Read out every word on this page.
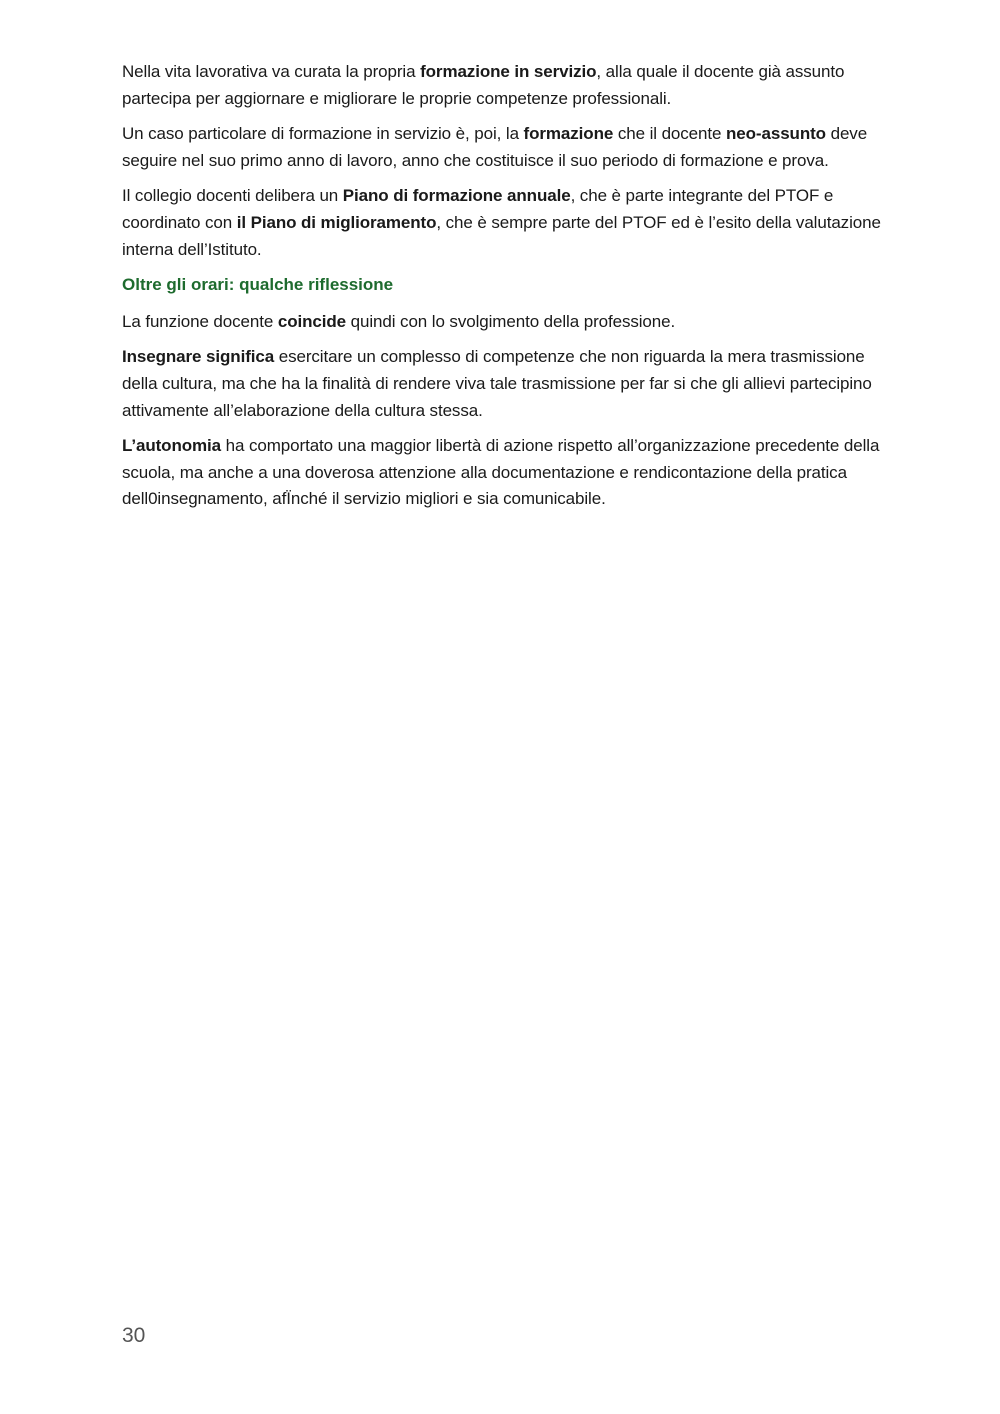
Nella vita lavorativa va curata la propria formazione in servizio, alla quale il docente già assunto partecipa per aggiornare e migliorare le proprie competenze professionali.

Un caso particolare di formazione in servizio è, poi, la formazione che il docente neo-assunto deve seguire nel suo primo anno di lavoro, anno che costituisce il suo periodo di formazione e prova.

Il collegio docenti delibera un Piano di formazione annuale, che è parte integrante del PTOF e coordinato con il Piano di miglioramento, che è sempre parte del PTOF ed è l’esito della valutazione interna dell’Istituto.

Oltre gli orari: qualche riflessione

La funzione docente coincide quindi con lo svolgimento della professione.

Insegnare significa esercitare un complesso di competenze che non riguarda la mera trasmissione della cultura, ma che ha la finalità di rendere viva tale trasmissione per far si che gli allievi partecipino attivamente all’elaborazione della cultura stessa.

L’autonomia ha comportato una maggior libertà di azione rispetto all’organizzazione precedente della scuola, ma anche a una doverosa attenzione alla documentazione e rendicontazione della pratica dell0insegnamento, afÏnché il servizio migliori e sia comunicabile.

30
